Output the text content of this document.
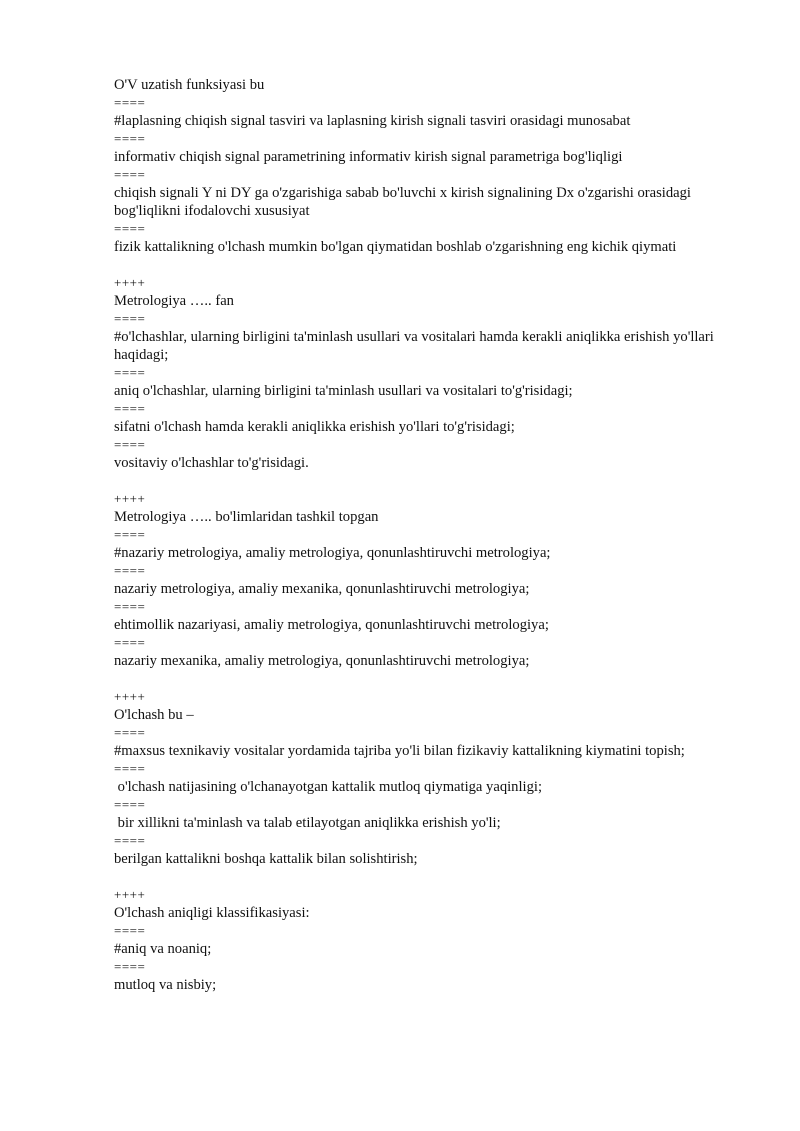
O'V uzatish funksiyasi bu
====
#laplasning chiqish signal tasviri va laplasning kirish signali tasviri orasidagi munosabat
====
informativ chiqish signal parametrining informativ kirish signal parametriga bog'liqligi
====
chiqish signali Y ni DY ga o'zgarishiga sabab bo'luvchi x kirish signalining Dx o'zgarishi orasidagi bog'liqlikni ifodalovchi xususiyat
====
fizik kattalikning o'lchash mumkin bo'lgan qiymatidan boshlab o'zgarishning eng kichik qiymati
++++
Metrologiya ….. fan
====
#o'lchashlar, ularning birligini ta'minlash usullari va vositalari hamda kerakli aniqlikka erishish yo'llari haqidagi;
====
aniq o'lchashlar, ularning birligini ta'minlash usullari va vositalari to'g'risidagi;
====
sifatni o'lchash hamda kerakli aniqlikka erishish yo'llari to'g'risidagi;
====
vositaviy o'lchashlar to'g'risidagi.
++++
Metrologiya ….. bo'limlaridan tashkil topgan
====
#nazariy metrologiya, amaliy metrologiya, qonunlashtiruvchi metrologiya;
====
nazariy metrologiya, amaliy mexanika, qonunlashtiruvchi metrologiya;
====
ehtimollik nazariyasi, amaliy metrologiya, qonunlashtiruvchi metrologiya;
====
nazariy mexanika, amaliy metrologiya, qonunlashtiruvchi metrologiya;
++++
O'lchash bu –
====
#maxsus texnikaviy vositalar yordamida tajriba yo'li bilan fizikaviy kattalikning kiymatini topish;
====
o'lchash natijasining o'lchanayotgan kattalik mutloq qiymatiga yaqinligi;
====
bir xillikni ta'minlash va talab etilayotgan aniqlikka erishish yo'li;
====
berilgan kattalikni boshqa kattalik bilan solishtirish;
++++
O'lchash aniqligi klassifikasiyasi:
====
#aniq va noaniq;
====
mutloq va nisbiy;
